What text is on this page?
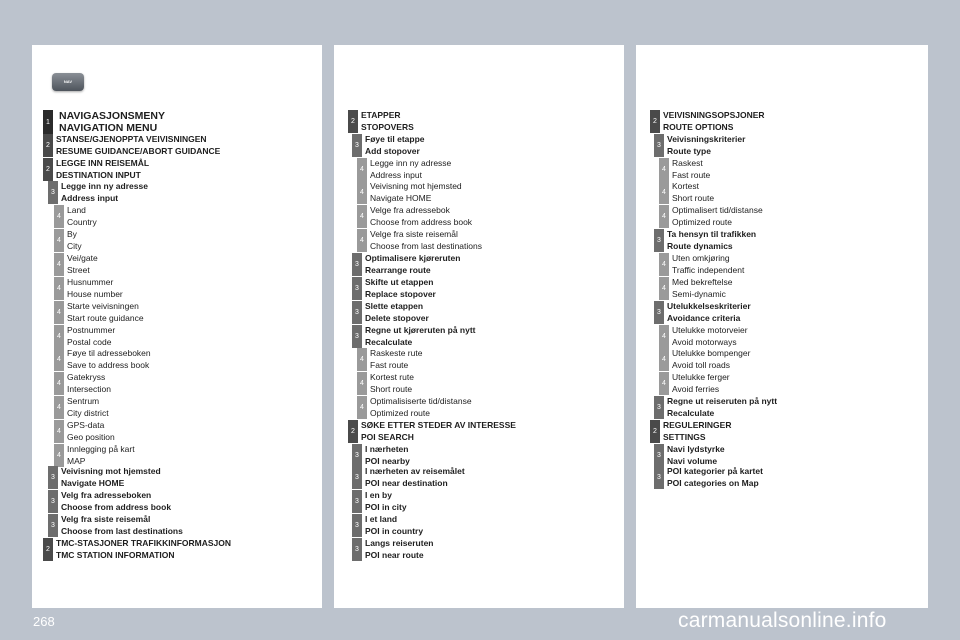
NAV
1 NAVIGASJONSMENY
NAVIGATION MENU
2
STANSE/GJENOPPTA VEIVISNINGEN
RESUME GUIDANCE/ABORT GUIDANCE
2
LEGGE INN REISEMÅL
DESTINATION INPUT
3
Legge inn ny adresse
Address input
4
Land
Country
4
By
City
4
Vei/gate
Street
4
Husnummer
House number
4
Starte veivisningen
Start route guidance
4
Postnummer
Postal code
4
Føye til adresseboken
Save to address book
4
Gatekryss
Intersection
4
Sentrum
City district
4
GPS-data
Geo position
4
Innlegging på kart
MAP
3
Veivisning mot hjemsted
Navigate HOME
3
Velg fra adresseboken
Choose from address book
3
Velg fra siste reisemål
Choose from last destinations
2
TMC-STASJONER TRAFIKKINFORMASJON
TMC STATION INFORMATION
2
ETAPPER
STOPOVERS
3
Føye til etappe
Add stopover
4
Legge inn ny adresse
Address input
4
Veivisning mot hjemsted
Navigate HOME
4
Velge fra adressebok
Choose from address book
4
Velge fra siste reisemål
Choose from last destinations
3
Optimalisere kjøreruten
Rearrange route
3
Skifte ut etappen
Replace stopover
3
Slette etappen
Delete stopover
3
Regne ut kjøreruten på nytt
Recalculate
4
Raskeste rute
Fast route
4
Kortest rute
Short route
4
Optimalisiserte tid/distanse
Optimized route
2
SØKE ETTER STEDER AV INTERESSE
POI SEARCH
3
I nærheten
POI nearby
3
I nærheten av reisemålet
POI near destination
3
I en by
POI in city
3
I et land
POI in country
3
Langs reiseruten
POI near route
2
VEIVISNINGSOPSJONER
ROUTE OPTIONS
3
Veivisningskriterier
Route type
4
Raskest
Fast route
4
Kortest
Short route
4
Optimalisert tid/distanse
Optimized route
3
Ta hensyn til trafikken
Route dynamics
4
Uten omkjøring
Traffic independent
4
Med bekreftelse
Semi-dynamic
3
Utelukkelseskriterier
Avoidance criteria
4
Utelukke motorveier
Avoid motorways
4
Utelukke bompenger
Avoid toll roads
4
Utelukke ferger
Avoid ferries
3
Regne ut reiseruten på nytt
Recalculate
2
REGULERINGER
SETTINGS
3
Navi lydstyrke
Navi volume
3
POI kategorier på kartet
POI categories on Map
268	carmanualsonline.info
